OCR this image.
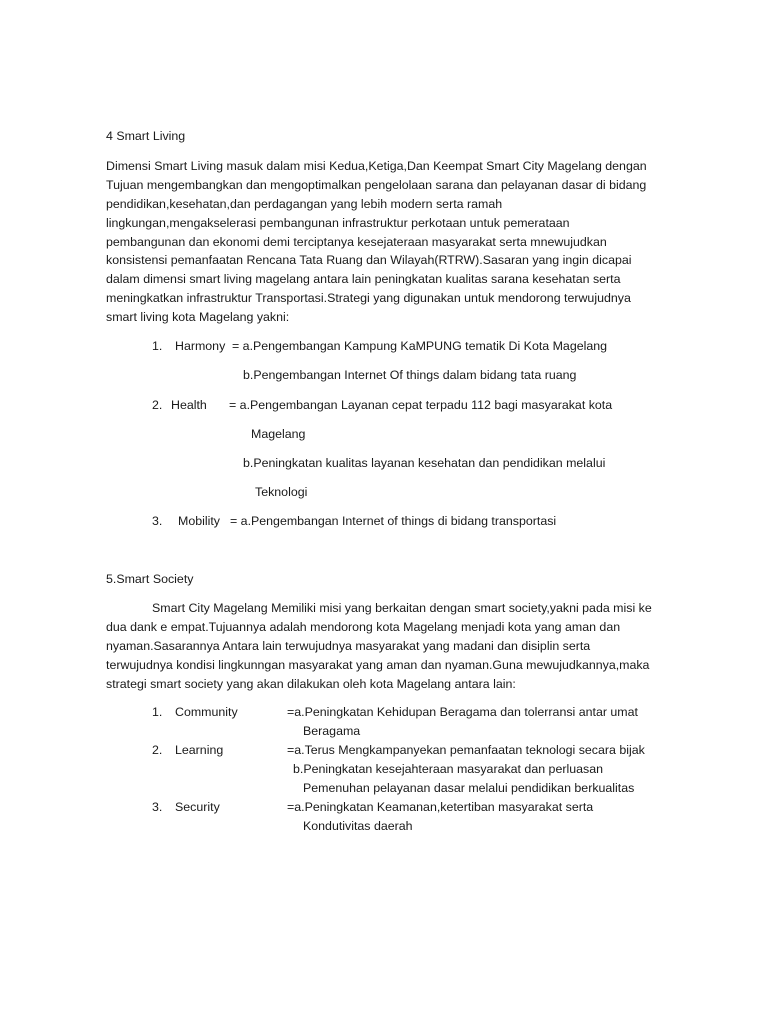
4 Smart Living
Dimensi Smart Living masuk dalam misi Kedua,Ketiga,Dan Keempat Smart City Magelang dengan
Tujuan mengembangkan dan mengoptimalkan pengelolaan sarana dan pelayanan dasar di bidang
pendidikan,kesehatan,dan perdagangan yang lebih modern serta ramah
lingkungan,mengakselerasi pembangunan infrastruktur perkotaan untuk pemerataan
pembangunan dan ekonomi demi terciptanya kesejateraan masyarakat serta mnewujudkan
konsistensi pemanfaatan Rencana Tata Ruang dan Wilayah(RTRW).Sasaran yang ingin dicapai
dalam dimensi smart living magelang antara lain peningkatan kualitas sarana kesehatan serta
meningkatkan infrastruktur Transportasi.Strategi yang digunakan untuk mendorong terwujudnya
smart living kota Magelang yakni:
1. Harmony = a.Pengembangan Kampung KaMPUNG tematik Di Kota Magelang
b.Pengembangan Internet Of things dalam bidang tata ruang
2. Health = a.Pengembangan Layanan cepat terpadu 112 bagi masyarakat kota
Magelang
b.Peningkatan kualitas layanan kesehatan dan pendidikan melalui
Teknologi
3. Mobility = a.Pengembangan Internet of things di bidang transportasi
5.Smart Society
Smart City Magelang Memiliki misi yang berkaitan dengan smart society,yakni pada misi ke
dua dank e empat.Tujuannya adalah mendorong kota Magelang menjadi kota yang aman dan
nyaman.Sasarannya Antara lain terwujudnya masyarakat yang madani dan disiplin serta
terwujudnya kondisi lingkunngan masyarakat yang aman dan nyaman.Guna mewujudkannya,maka
strategi smart society yang akan dilakukan oleh kota Magelang antara lain:
1. Community	=a.Peningkatan Kehidupan Beragama dan tolerransi antar umat
Beragama
2. Learning	=a.Terus Mengkampanyekan pemanfaatan teknologi secara bijak
b.Peningkatan kesejahteraan masyarakat dan perluasan
Pemenuhan pelayanan dasar melalui pendidikan berkualitas
3. Security	=a.Peningkatan Keamanan,ketertiban masyarakat serta
Kondutivitas daerah
